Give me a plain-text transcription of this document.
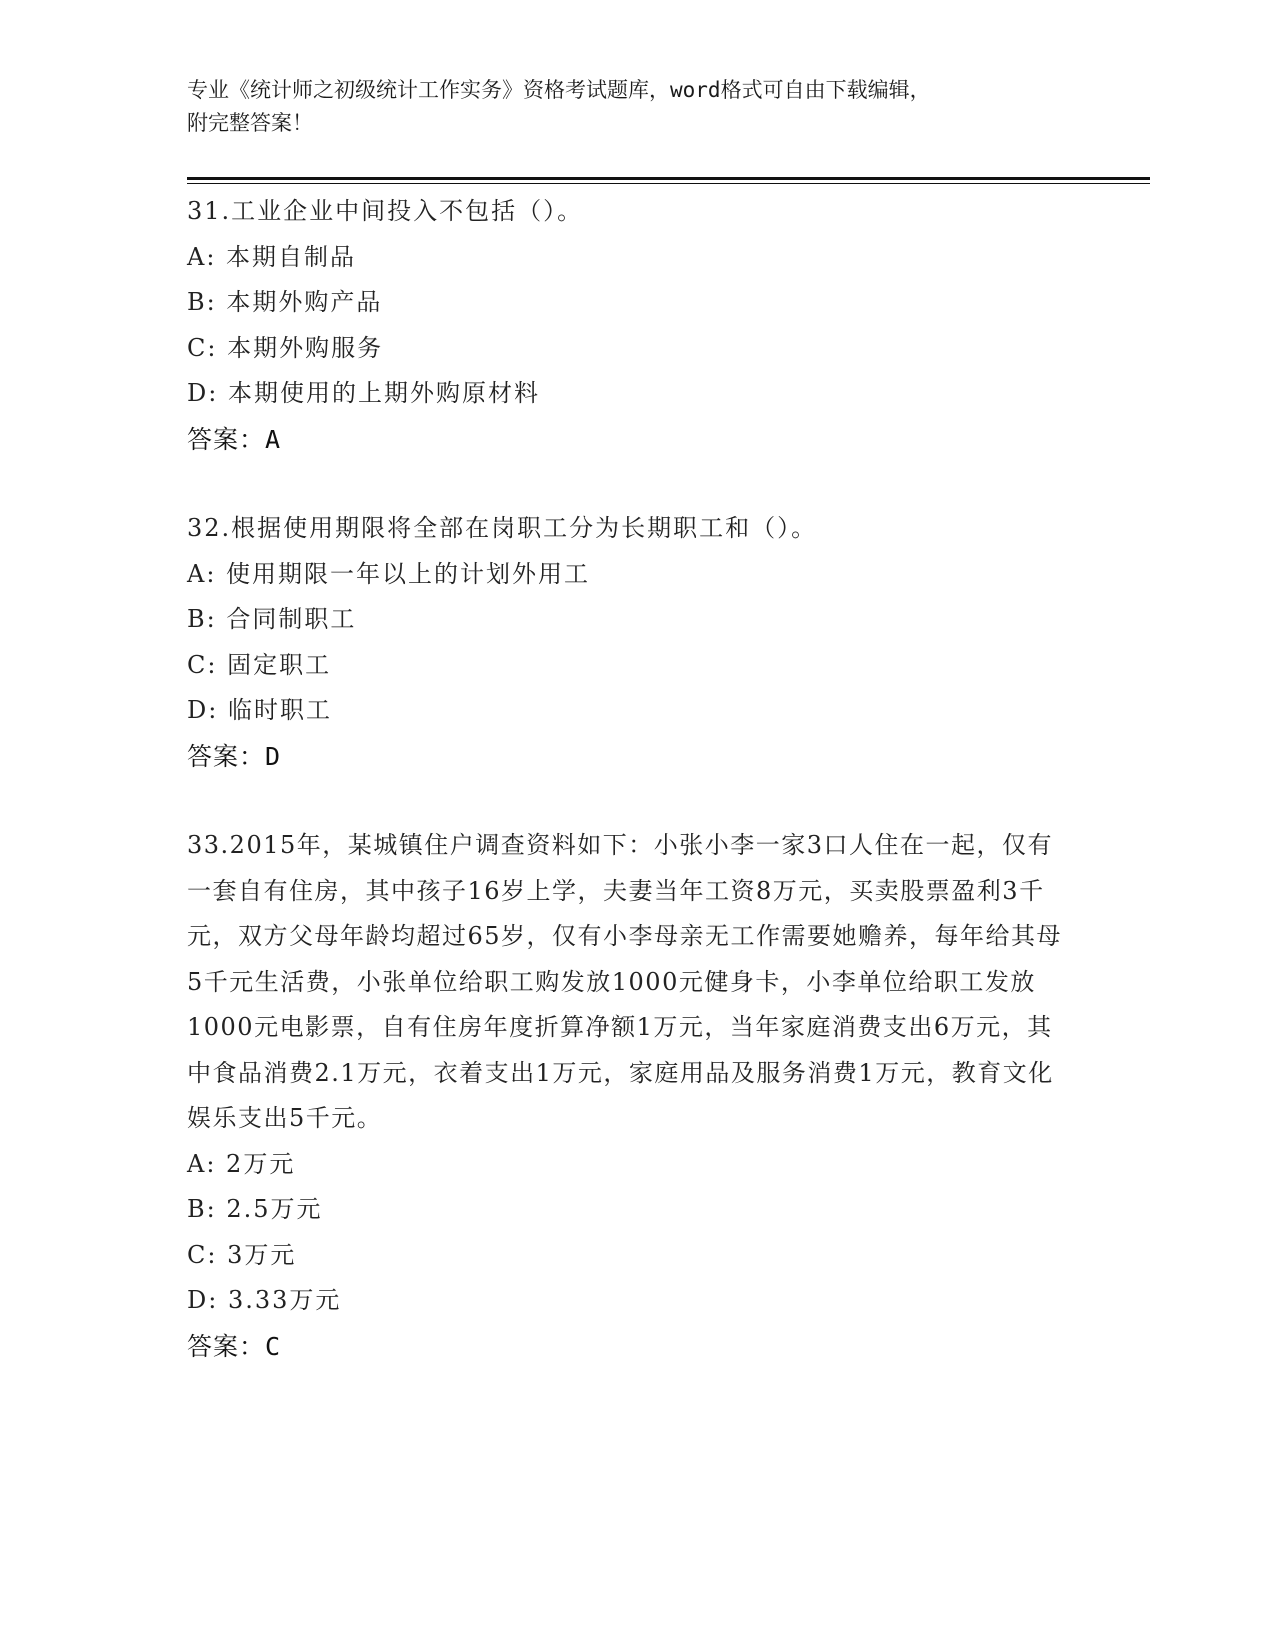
专业《统计师之初级统计工作实务》资格考试题库，word格式可自由下载编辑，
附完整答案！
31.工业企业中间投入不包括（）。
A: 本期自制品
B: 本期外购产品
C: 本期外购服务
D: 本期使用的上期外购原材料
答案：A
32.根据使用期限将全部在岗职工分为长期职工和（）。
A: 使用期限一年以上的计划外用工
B: 合同制职工
C: 固定职工
D: 临时职工
答案：D
33.2015年，某城镇住户调查资料如下：小张小李一家3口人住在一起，仅有一套自有住房，其中孩子16岁上学，夫妻当年工资8万元，买卖股票盈利3千元，双方父母年龄均超过65岁，仅有小李母亲无工作需要她赡养，每年给其母5千元生活费，小张单位给职工购发放1000元健身卡，小李单位给职工发放1000元电影票，自有住房年度折算净额1万元，当年家庭消费支出6万元，其中食品消费2.1万元，衣着支出1万元，家庭用品及服务消费1万元，教育文化娱乐支出5千元。
A: 2万元
B: 2.5万元
C: 3万元
D: 3.33万元
答案：C
